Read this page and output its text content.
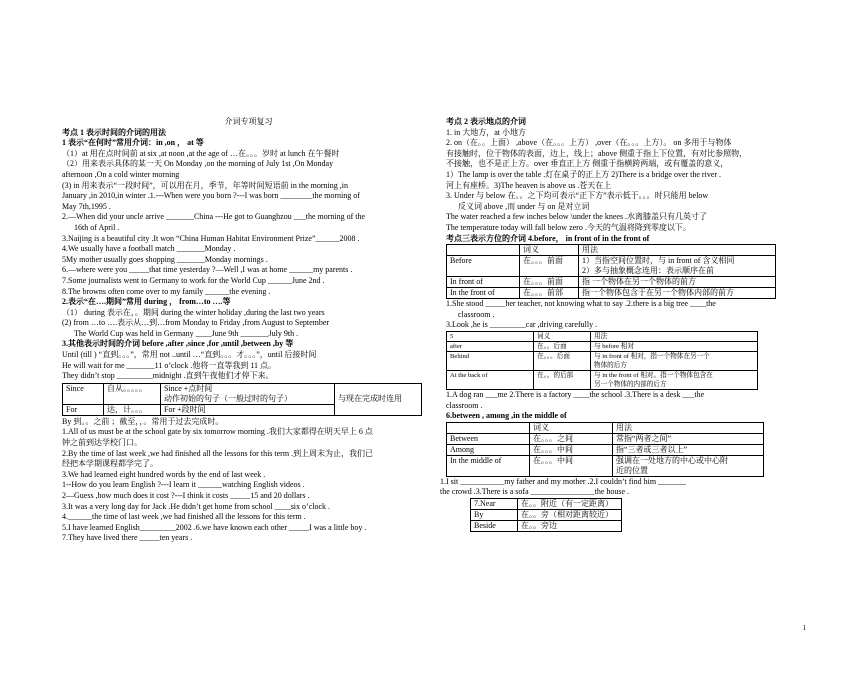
介词专项复习
考点 1 表示时间的介词的用法
1 表示“在何时”常用介词：in ,on ， at 等
（1）at 用在点时间前 at six ,at noon ,at the age of …在。。。岁时 at lunch 在午餐时
（2）用来表示具体的某一天 On Monday ,on the morning of July 1st ,On Monday
afternoon ,On a cold winter morning
(3) in 用来表示“一段时间”，可以用在月，季节，年等时间短语前 in the morning ,in
January ,in 2010,in winter .1.---When were you born ?---I was born ________the morning of
May 7th,1995 .
2.—When did your uncle arrive _______China ---He got to Guanghzou ___the morning of the
16th of April .
3.Naijing is a beautiful city .It won “China Human Habitat Environment Prize”______2008 .
4.We usually have a football match _______Monday .
5My mother usually goes shopping _______Monday mornings .
6.—where were you _____that time yesterday ?—Well ,I was at home ______my parents .
7.Some journalists went to Germany to work for the World Cup ______June 2nd .
8.The browns often come over to my family ______the evening .
2.表示“在….期间”常用 during ， from…to ….等
（1） during 表示在，。期间 during the winter holiday ,during the last two years
(2) from …to ….表示从…到…from Monday to Friday ,from August to September
The World Cup was held in Germany ____June 9th _______July 9th .
3.其他表示时间的介词 before ,after ,since ,for ,until ,between ,by 等
Until (till ) “直到。。。”，常用 not ..until …“直到。。。才。。。”，until 后接时间
He will wait for me _______11 o’clock .他将一直等我到 11 点。
They didn’t stop _________midnight .直到午夜他们才停下来。
Since	自从。。。。。	Since +点时间
动作初始的句子（一般过时的句子）	与现在完成时连用
For	达，计。。。	For +段时间	
By 到。。之前 ；截至，，。常用于过去完成时。
1.All of us must be at the school gate by six tomorrow morning .我们大家都得在明天早上 6 点
钟之前到达学校门口。
2.By the time of last week ,we had finished all the lessons for this term .到上周末为止，我们已
经把本学期课程都学完了。
3.We had learned eight hundred words by the end of last week .
1--How do you learn English ?---I learn it ______watching English videos .
2—Guess ,how much does it cost ?---I think it costs _____15 and 20 dollars .
3.It was a very long day for Jack .He didn’t get home from school ____six o’clock .
4.______the time of last week ,we had finished all the lessons for this term .
5.I have learned English_________2002 .6.we have known each other _____I was a little boy .
7.They have lived there _____ten years .
考点 2 表示地点的介词
1. in 大地方，at 小地方
2. on（在。。上面） ,above（在。。。上方） ,over（在。。。上方）。 on 多用于与物体
有接触时，位于物体的表面，边上，线上；above 侧重于指上下位置，有对比参照物，
不接触，也不是正上方。over 垂直正上方 侧重于指横跨两端，或有覆盖的意义，
1）The lamp is over the table .灯在桌子的正上方 2)There is a bridge over the river .
河上有座桥。3)The heaven is above us .苍天在上
3. Under 与 below 在。。之下均可表示“正下方”表示低于。。。时只能用 below
反义词 above ,而 under 与 on 是对立词
The water reached a few inches below \under the knees .水离膝盖只有几英寸了
The temperature today will fall below zero .今天的气温将降到零度以下。
考点三表示方位的介词 4.before， in front of in the front of
	词义	用法
Before	在。。。前面	1）当指空间位置时，与 in front of 含义相同
2）多与抽象概念连用：表示顺序在前

In front of	在。。。前面	指 一个物体在另一个物体的前方
In the front of	在。。。前部	指一个物体包含于在另一个物体内部的前方
1.She stood _____her teacher, not knowing what to say .2.there is a big tree ____the
classroom .
3.Look ,he is _________car ,driving carefully .
5	词义	用法
after	在。。后面	与 before 相对
Behind	在。。。后面	与 in front of 相对，指一个物体在另一个
物体的后方

At the back of	在。。的后部	与 in the front of 相对。指一个物体包含在
另一个物体的内部的后方
1.A dog ran ___me 2.There is a factory ____the school .3.There is a desk ___the
classroom .
6.between , among ,in the middle of
	词义	用法
Between	在。。。之间	常指“两者之间”
Among	在。。。中间	指“三者或三者以上”
In the middle of	在。。。中间	强调在一处地方的中心或中心附
近的位置
1.I sit ___________my father and my mother .2.I couldn’t find him _______
the crowd .3.There is a sofa ________________the house .
7.Near	在。。附近（有一定距离）
By	在。。旁（相对距离较近）
Beside	在。。旁边
1
